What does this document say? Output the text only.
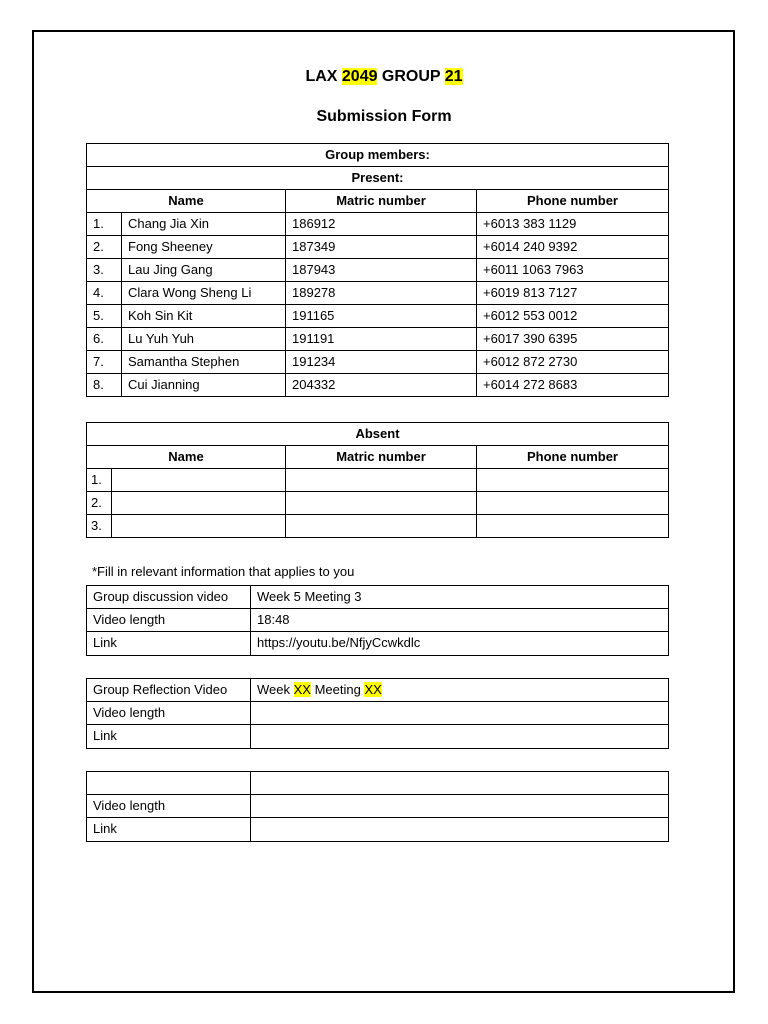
LAX 2049 GROUP 21
Submission Form
Group members:			
Present:			
Name		Matric number	Phone number
1.	Chang Jia Xin	186912	+6013 383 1129
2.	Fong Sheeney	187349	+6014 240 9392
3.	Lau Jing Gang	187943	+6011 1063 7963
4.	Clara Wong Sheng Li	189278	+6019 813 7127
5.	Koh Sin Kit	191165	+6012 553 0012
6.	Lu Yuh Yuh	191191	+6017 390 6395
7.	Samantha Stephen	191234	+6012 872 2730
8.	Cui Jianning	204332	+6014 272 8683
Absent			
Name		Matric number	Phone number
1.			
2.			
3.			
*Fill in relevant information that applies to you
Group discussion video	Week 5 Meeting 3
Video length	18:48
Link	https://youtu.be/NfjyCcwkdlc
Group Reflection Video	Week XX Meeting XX
Video length	
Link	

Video length	
Link	
